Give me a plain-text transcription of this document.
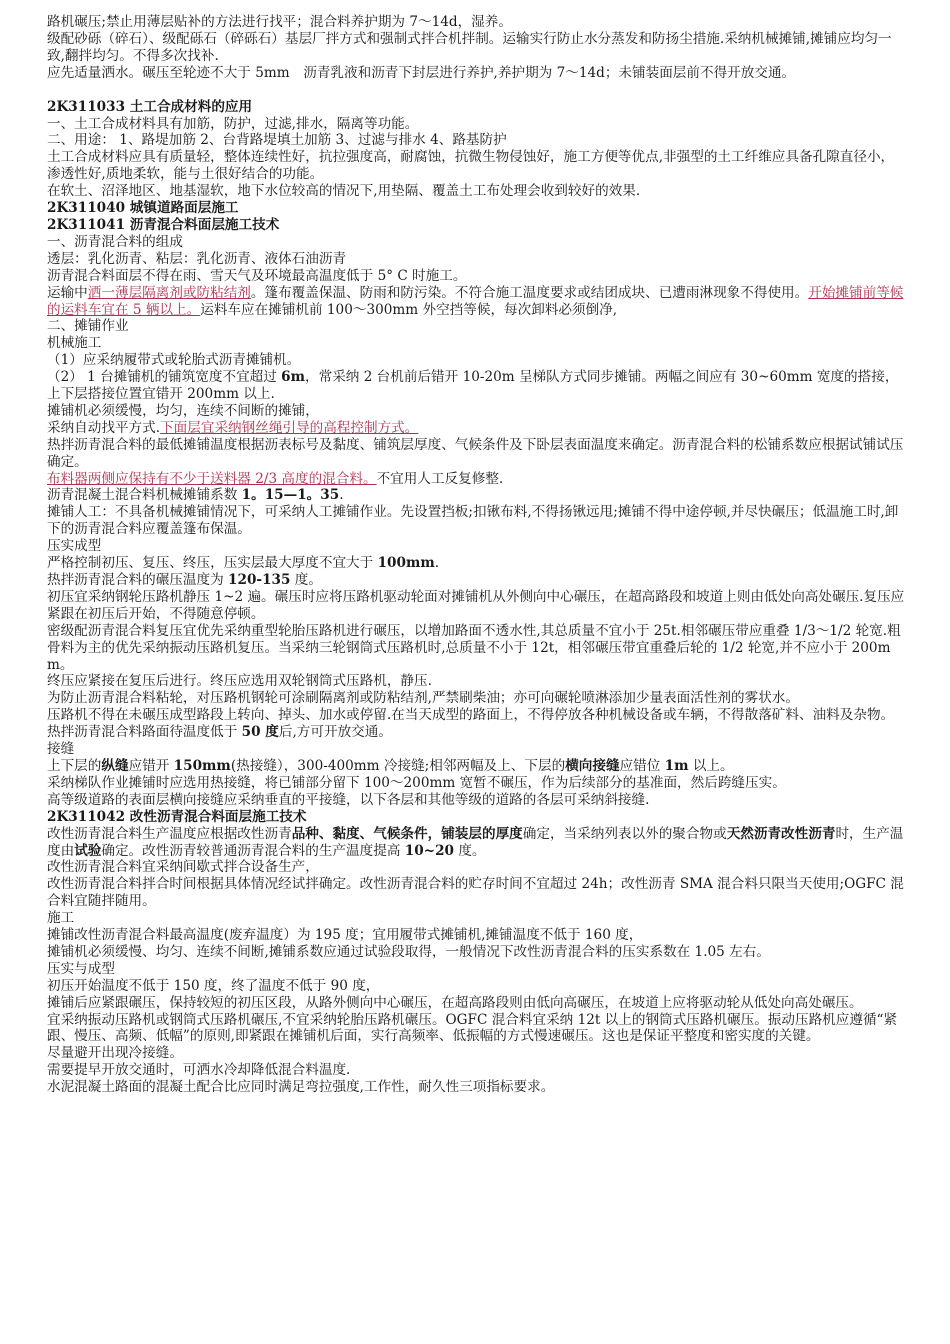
路机碾压;禁止用薄层贴补的方法进行找平；混合料养护期为 7～14d，湿养。
级配砂砾（碎石）、级配砾石（碎砾石）基层厂拌方式和强制式拌合机拌制。运输实行防止水分蒸发和防扬尘措施.采纳机械摊铺,摊铺应均匀一致,翻拌均匀。不得多次找补.
应先适量洒水。碾压至轮迹不大于 5mm　沥青乳液和沥青下封层进行养护,养护期为 7～14d；未铺装面层前不得开放交通。
2K311033 土工合成材料的应用
一、土工合成材料具有加筋，防护，过滤,排水，隔离等功能。
二、用途： 1、路堤加筋 2、台背路堤填土加筋 3、过滤与排水 4、路基防护
土工合成材料应具有质量轻，整体连续性好，抗拉强度高，耐腐蚀，抗微生物侵蚀好，施工方便等优点,非强型的土工纤维应具备孔隙直径小，渗透性好,质地柔软，能与土很好结合的功能。
在软土、沼泽地区、地基湿软，地下水位较高的情况下,用垫隔、覆盖土工布处理会收到较好的效果.
2K311040 城镇道路面层施工
2K311041 沥青混合料面层施工技术
一、沥青混合料的组成
透层：乳化沥青、粘层：乳化沥青、液体石油沥青
沥青混合料面层不得在雨、雪天气及环境最高温度低于 5° C 时施工。
运输中洒一薄层隔离剂或防粘结剂。篷布覆盖保温、防雨和防污染。不符合施工温度要求或结团成块、已遭雨淋现象不得使用。开始摊铺前等候的运料车宜在 5 辆以上。运料车应在摊铺机前 100～300mm 外空挡等候，每次卸料必须倒净,
二、摊铺作业
机械施工
（1）应采纳履带式或轮胎式沥青摊铺机。
（2） 1 台摊铺机的铺筑宽度不宜超过 6m，常采纳 2 台机前后错开 10-20m 呈梯队方式同步摊铺。两幅之间应有 30~60mm 宽度的搭接，上下层搭接位置宜错开 200mm 以上.
摊铺机必须缓慢，均匀，连续不间断的摊铺，
采纳自动找平方式.下面层宜采纳钢丝绳引导的高程控制方式。
热拌沥青混合料的最低摊铺温度根据沥表标号及黏度、铺筑层厚度、气候条件及下卧层表面温度来确定。沥青混合料的松铺系数应根据试铺试压确定。
布料器两侧应保持有不少于送料器 2/3 高度的混合料。不宜用人工反复修整.
沥青混凝土混合料机械摊铺系数 1。15—1。35.
摊铺人工：不具备机械摊铺情况下，可采纳人工摊铺作业。先设置挡板;扣锹布料,不得扬锹远甩;摊铺不得中途停顿,并尽快碾压；低温施工时,卸下的沥青混合料应覆盖篷布保温。
压实成型
严格控制初压、复压、终压，压实层最大厚度不宜大于 100mm.
热拌沥青混合料的碾压温度为 120-135 度。
初压宜采纳钢轮压路机静压 1~2 遍。碾压时应将压路机驱动轮面对摊铺机从外侧向中心碾压，在超高路段和坡道上则由低处向高处碾压.复压应紧跟在初压后开始，不得随意停顿。
密级配沥青混合料复压宜优先采纳重型轮胎压路机进行碾压，以增加路面不透水性,其总质量不宜小于 25t.相邻碾压带应重叠 1/3～1/2 轮宽.粗骨料为主的优先采纳振动压路机复压。当采纳三轮钢筒式压路机时,总质量不小于 12t，相邻碾压带宜重叠后轮的 1/2 轮宽,并不应小于 200mm。
终压应紧接在复压后进行。终压应选用双轮钢筒式压路机，静压.
为防止沥青混合料粘轮，对压路机钢轮可涂刷隔离剂或防粘结剂,严禁刷柴油；亦可向碾轮喷淋添加少量表面活性剂的雾状水。
压路机不得在未碾压成型路段上转向、掉头、加水或停留.在当天成型的路面上，不得停放各种机械设备或车辆，不得散落矿料、油料及杂物。
热拌沥青混合料路面待温度低于 50 度后,方可开放交通。
接缝
上下层的纵缝应错开 150mm(热接缝），300-400mm 冷接缝;相邻两幅及上、下层的横向接缝应错位 1m 以上。
采纳梯队作业摊铺时应选用热接缝，将已铺部分留下 100～200mm 宽暂不碾压，作为后续部分的基准面，然后跨缝压实。
高等级道路的表面层横向接缝应采纳垂直的平接缝，以下各层和其他等级的道路的各层可采纳斜接缝.
2K311042 改性沥青混合料面层施工技术
改性沥青混合料生产温度应根据改性沥青品种、黏度、气候条件，铺装层的厚度确定，当采纳列表以外的聚合物或天然沥青改性沥青时，生产温度由试验确定。改性沥青较普通沥青混合料的生产温度提高 10~20 度。
改性沥青混合料宜采纳间歇式拌合设备生产，
改性沥青混合料拌合时间根据具体情况经试拌确定。改性沥青混合料的贮存时间不宜超过 24h；改性沥青 SMA 混合料只限当天使用;OGFC 混合料宜随拌随用。
施工
摊铺改性沥青混合料最高温度(废弃温度）为 195 度；宜用履带式摊铺机,摊铺温度不低于 160 度，
摊铺机必须缓慢、均匀、连续不间断,摊铺系数应通过试验段取得，一般情况下改性沥青混合料的压实系数在 1.05 左右。
压实与成型
初压开始温度不低于 150 度，终了温度不低于 90 度，
摊铺后应紧跟碾压，保持较短的初压区段，从路外侧向中心碾压，在超高路段则由低向高碾压，在坡道上应将驱动轮从低处向高处碾压。
宜采纳振动压路机或钢筒式压路机碾压,不宜采纳轮胎压路机碾压。OGFC 混合料宜采纳 12t 以上的钢筒式压路机碾压。振动压路机应遵循“紧跟、慢压、高频、低幅”的原则,即紧跟在摊铺机后面，实行高频率、低振幅的方式慢速碾压。这也是保证平整度和密实度的关键。
尽量避开出现冷接缝。
需要提早开放交通时，可洒水冷却降低混合料温度.
水泥混凝土路面的混凝土配合比应同时满足弯拉强度,工作性，耐久性三项指标要求。
